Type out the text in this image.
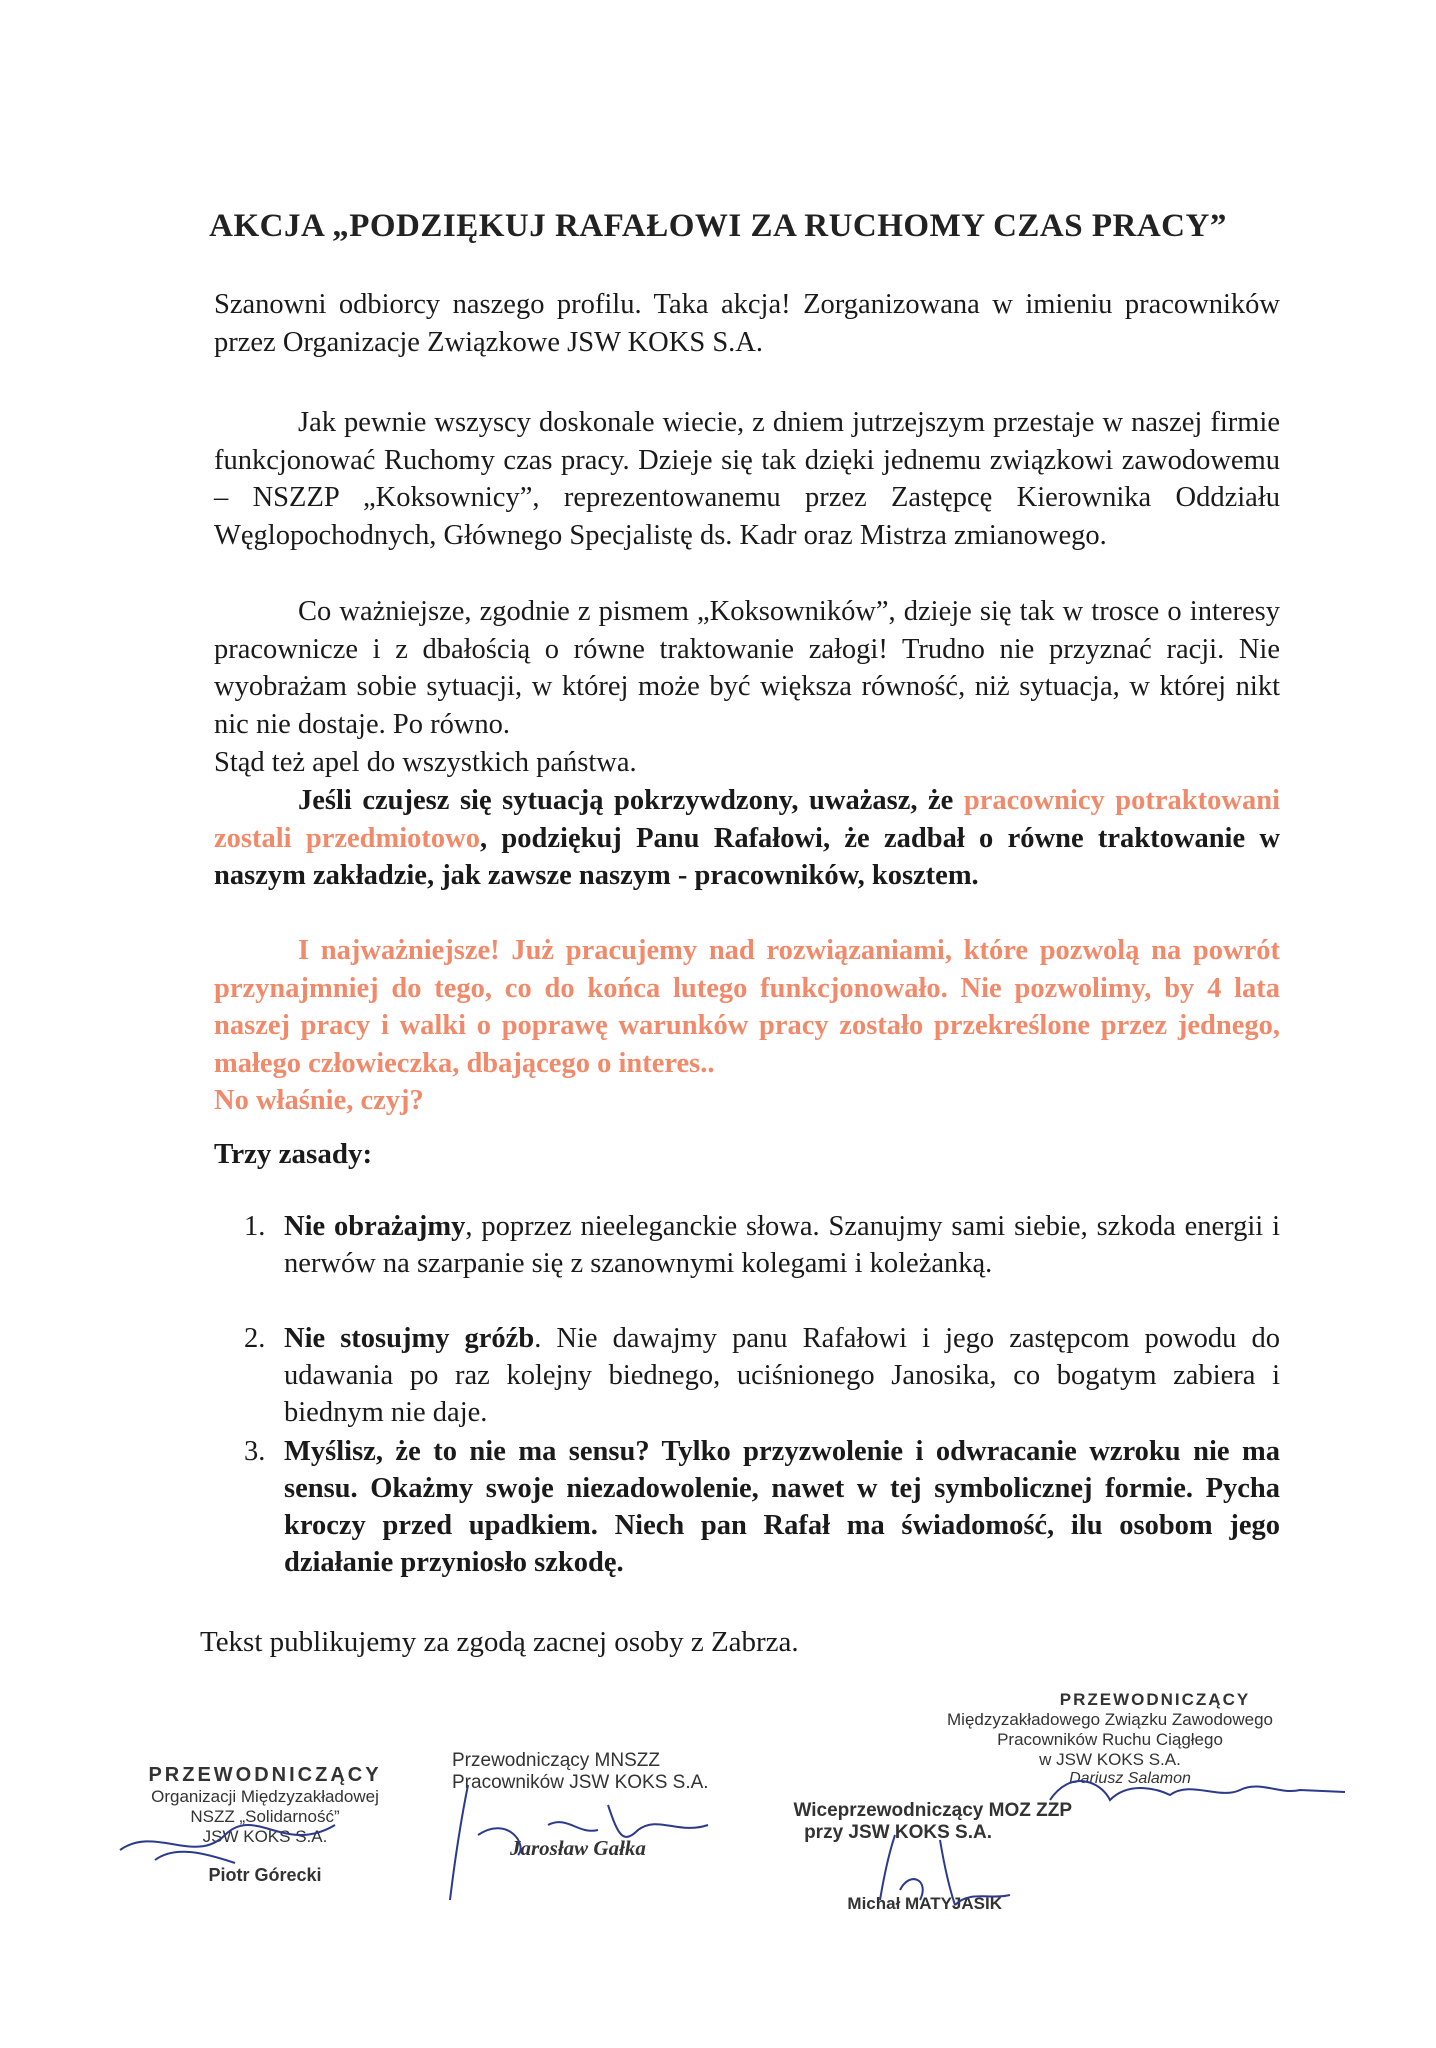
AKCJA „PODZIĘKUJ RAFAŁOWI ZA RUCHOMY CZAS PRACY”
Szanowni odbiorcy naszego profilu. Taka akcja! Zorganizowana w imieniu pracowników przez Organizacje Związkowe JSW KOKS S.A.
Jak pewnie wszyscy doskonale wiecie, z dniem jutrzejszym przestaje w naszej firmie funkcjonować Ruchomy czas pracy. Dzieje się tak dzięki jednemu związkowi zawodowemu – NSZZP „Koksownicy”, reprezentowanemu przez Zastępcę Kierownika Oddziału Węglopochodnych, Głównego Specjalistę ds. Kadr oraz Mistrza zmianowego.
Co ważniejsze, zgodnie z pismem „Koksowników”, dzieje się tak w trosce o interesy pracownicze i z dbałością o równe traktowanie załogi! Trudno nie przyznać racji. Nie wyobrażam sobie sytuacji, w której może być większa równość, niż sytuacja, w której nikt nic nie dostaje. Po równo.
Stąd też apel do wszystkich państwa.
Jeśli czujesz się sytuacją pokrzywdzony, uważasz, że pracownicy potraktowani zostali przedmiotowo, podziękuj Panu Rafałowi, że zadbał o równe traktowanie w naszym zakładzie, jak zawsze naszym - pracowników, kosztem.
I najważniejsze! Już pracujemy nad rozwiązaniami, które pozwolą na powrót przynajmniej do tego, co do końca lutego funkcjonowało. Nie pozwolimy, by 4 lata naszej pracy i walki o poprawę warunków pracy zostało przekreślone przez jednego, małego człowieczka, dbającego o interes..
No właśnie, czyj?
Trzy zasady:
1. Nie obrażajmy, poprzez nieeleganckie słowa. Szanujmy sami siebie, szkoda energii i nerwów na szarpanie się z szanownymi kolegami i koleżanką.
2. Nie stosujmy gróźb. Nie dawajmy panu Rafałowi i jego zastępcom powodu do udawania po raz kolejny biednego, uciśnionego Janosika, co bogatym zabiera i biednym nie daje.
3. Myślisz, że to nie ma sensu? Tylko przyzwolenie i odwracanie wzroku nie ma sensu. Okażmy swoje niezadowolenie, nawet w tej symbolicznej formie. Pycha kroczy przed upadkiem. Niech pan Rafał ma świadomość, ilu osobom jego działanie przyniosło szkodę.
Tekst publikujemy za zgodą zacnej osoby z Zabrza.
PRZEWODNICZĄCY
Organizacji Międzyzakładowej
NSZZ „Solidarność”
JSW KOKS S.A.
Piotr Górecki
Przewodniczący MNSZZ
Pracowników JSW KOKS S.A.
Jarosław Gałka
Wiceprzewodniczący MOZ ZZP
przy JSW KOKS S.A.
Michał MATYJASIK
PRZEWODNICZĄCY
Międzyzakładowego Związku Zawodowego
Pracowników Ruchu Ciągłego
w JSW KOKS S.A.
Dariusz Salamon
